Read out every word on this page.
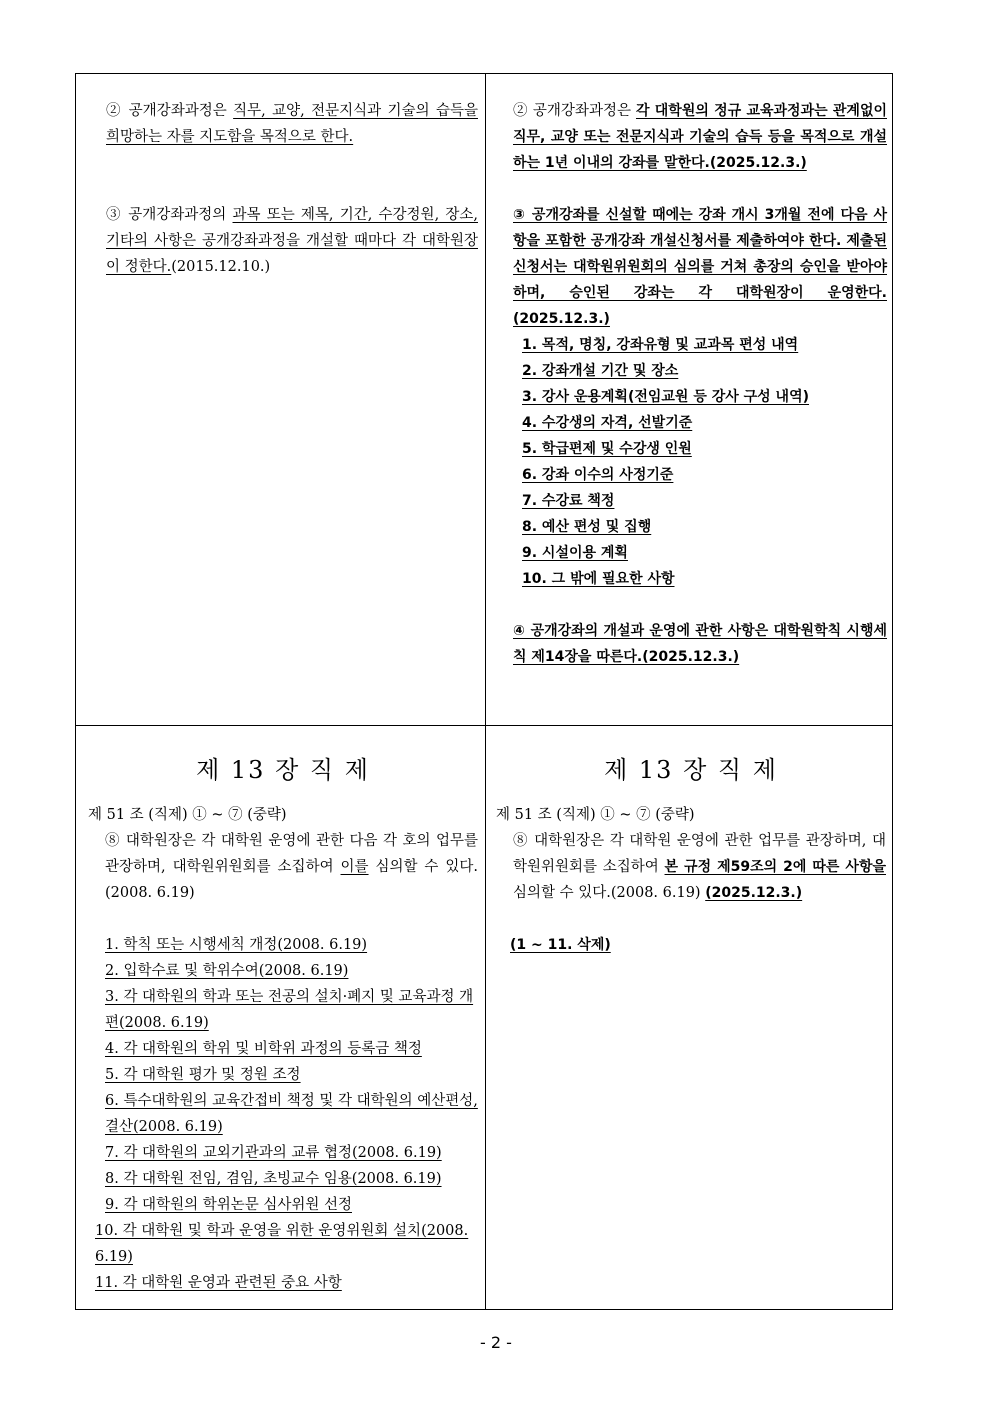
② 공개강좌과정은 직무, 교양, 전문지식과 기술의 습득을 희망하는 자를 지도함을 목적으로 한다.

③ 공개강좌과정의 과목 또는 제목, 기간, 수강정원, 장소, 기타의 사항은 공개강좌과정을 개설할 때마다 각 대학원장이 정한다.(2015.12.10.)

② 공개강좌과정은 각 대학원의 정규 교육과정과는 관계없이 직무, 교양 또는 전문지식과 기술의 습득 등을 목적으로 개설하는 1년 이내의 강좌를 말한다.(2025.12.3.)

③ 공개강좌를 신설할 때에는 강좌 개시 3개월 전에 다음 사항을 포함한 공개강좌 개설신청서를 제출하여야 한다. 제출된 신청서는 대학원위원회의 심의를 거쳐 총장의 승인을 받아야 하며, 승인된 강좌는 각 대학원장이 운영한다. (2025.12.3.)

1. 목적, 명칭, 강좌유형 및 교과목 편성 내역
2. 강좌개설 기간 및 장소
3. 강사 운용계획(전임교원 등 강사 구성 내역)
4. 수강생의 자격, 선발기준
5. 학급편제 및 수강생 인원
6. 강좌 이수의 사정기준
7. 수강료 책정
8. 예산 편성 및 집행
9. 시설이용 계획
10. 그 밖에 필요한 사항

④ 공개강좌의 개설과 운영에 관한 사항은 대학원학칙 시행세칙 제14장을 따른다.(2025.12.3.)

제 13 장 직 제
제 51 조 (직제) ① ~ ⑦ (중략)

⑧ 대학원장은 각 대학원 운영에 관한 다음 각 호의 업무를 관장하며, 대학원위원회를 소집하여 이를 심의할 수 있다.(2008. 6.19)

1. 학칙 또는 시행세칙 개정(2008. 6.19)
2. 입학수료 및 학위수여(2008. 6.19)
3. 각 대학원의 학과 또는 전공의 설치·폐지 및 교육과정 개편(2008. 6.19)
4. 각 대학원의 학위 및 비학위 과정의 등록금 책정
5. 각 대학원 평가 및 정원 조정
6. 특수대학원의 교육간접비 책정 및 각 대학원의 예산편성, 결산(2008. 6.19)
7. 각 대학원의 교외기관과의 교류 협정(2008. 6.19)
8. 각 대학원 전임, 겸임, 초빙교수 임용(2008. 6.19)
9. 각 대학원의 학위논문 심사위원 선정
10. 각 대학원 및 학과 운영을 위한 운영위원회 설치(2008. 6.19)
11. 각 대학원 운영과 관련된 중요 사항
제 13 장 직 제
제 51 조 (직제) ① ~ ⑦ (중략)

⑧ 대학원장은 각 대학원 운영에 관한 업무를 관장하며, 대학원위원회를 소집하여 본 규정 제59조의 2에 따른 사항을 심의할 수 있다.(2008. 6.19) (2025.12.3.)

(1 ~ 11. 삭제)
- 2 -
